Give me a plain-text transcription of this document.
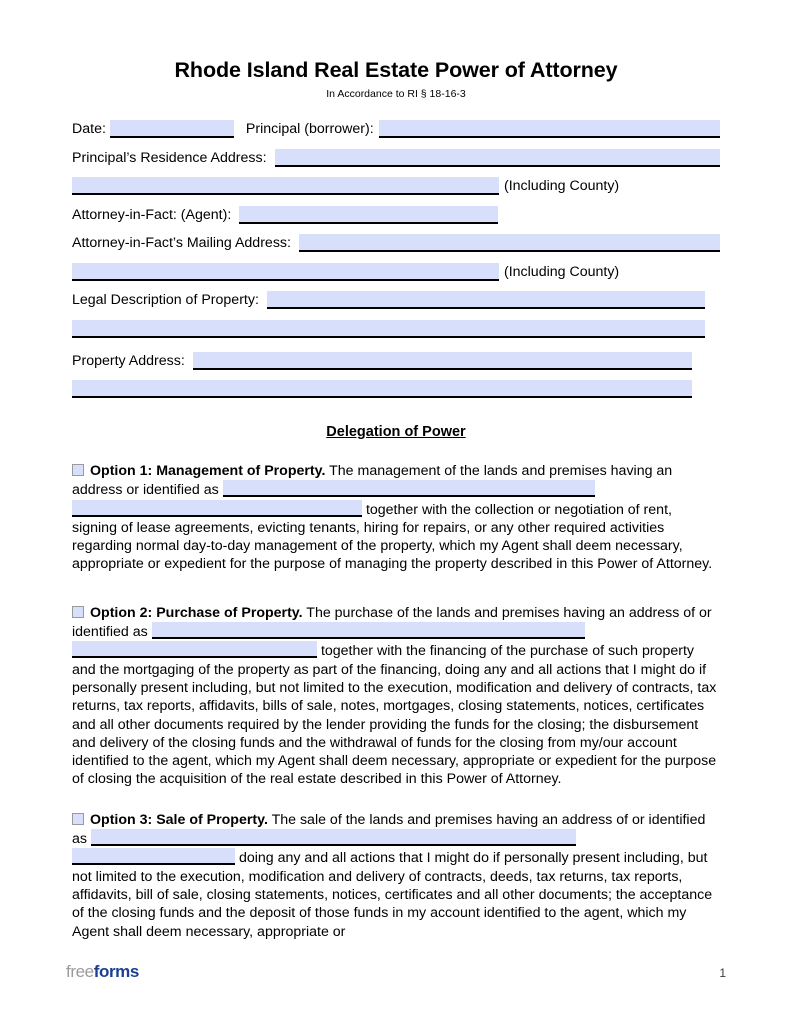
Rhode Island Real Estate Power of Attorney
In Accordance to RI § 18-16-3
Date:	Principal (borrower):
Principal’s Residence Address:
(Including County)
Attorney-in-Fact: (Agent):
Attorney-in-Fact’s Mailing Address:
(Including County)
Legal Description of Property:
Property Address:
Delegation of Power

Option 1: Management of Property. The management of the lands and premises having an address or identified as  together with the collection or negotiation of rent, signing of lease agreements, evicting tenants, hiring for repairs, or any other required activities regarding normal day-to-day management of the property, which my Agent shall deem necessary, appropriate or expedient for the purpose of managing the property described in this Power of Attorney.

Option 2: Purchase of Property. The purchase of the lands and premises having an address of or identified as  together with the financing of the purchase of such property and the mortgaging of the property as part of the financing, doing any and all actions that I might do if personally present including, but not limited to the execution, modification and delivery of contracts, tax returns, tax reports, affidavits, bills of sale, notes, mortgages, closing statements, notices, certificates and all other documents required by the lender providing the funds for the closing; the disbursement and delivery of the closing funds and the withdrawal of funds for the closing from my/our account identified to the agent, which my Agent shall deem necessary, appropriate or expedient for the purpose of closing the acquisition of the real estate described in this Power of Attorney.

Option 3: Sale of Property. The sale of the lands and premises having an address of or identified as  doing any and all actions that I might do if personally present including, but not limited to the execution, modification and delivery of contracts, deeds, tax returns, tax reports, affidavits, bill of sale, closing statements, notices, certificates and all other documents; the acceptance of the closing funds and the deposit of those funds in my account identified to the agent, which my Agent shall deem necessary, appropriate or

freeforms	1
